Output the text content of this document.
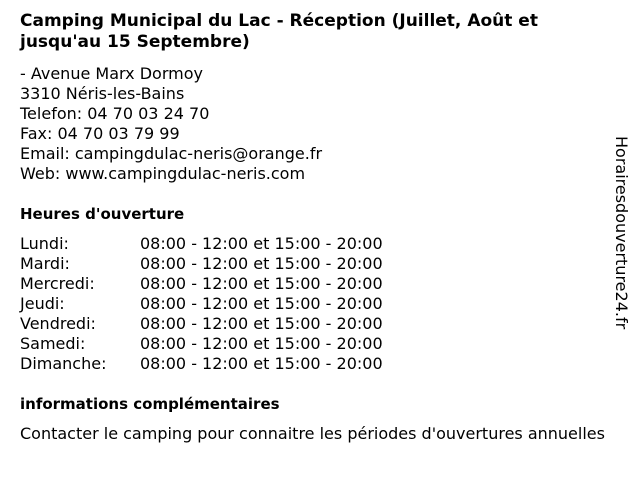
Camping Municipal du Lac - Réception (Juillet, Août et jusqu'au 15 Septembre)
- Avenue Marx Dormoy
3310 Néris-les-Bains
Telefon: 04 70 03 24 70
Fax: 04 70 03 79 99
Email: campingdulac-neris@orange.fr
Web: www.campingdulac-neris.com
Heures d'ouverture
Lundi:	08:00 - 12:00 et 15:00 - 20:00
Mardi:	08:00 - 12:00 et 15:00 - 20:00
Mercredi:	08:00 - 12:00 et 15:00 - 20:00
Jeudi:	08:00 - 12:00 et 15:00 - 20:00
Vendredi:	08:00 - 12:00 et 15:00 - 20:00
Samedi:	08:00 - 12:00 et 15:00 - 20:00
Dimanche:	08:00 - 12:00 et 15:00 - 20:00
informations complémentaires
Contacter le camping pour connaitre les périodes d'ouvertures annuelles
Horairesdouverture24.fr
